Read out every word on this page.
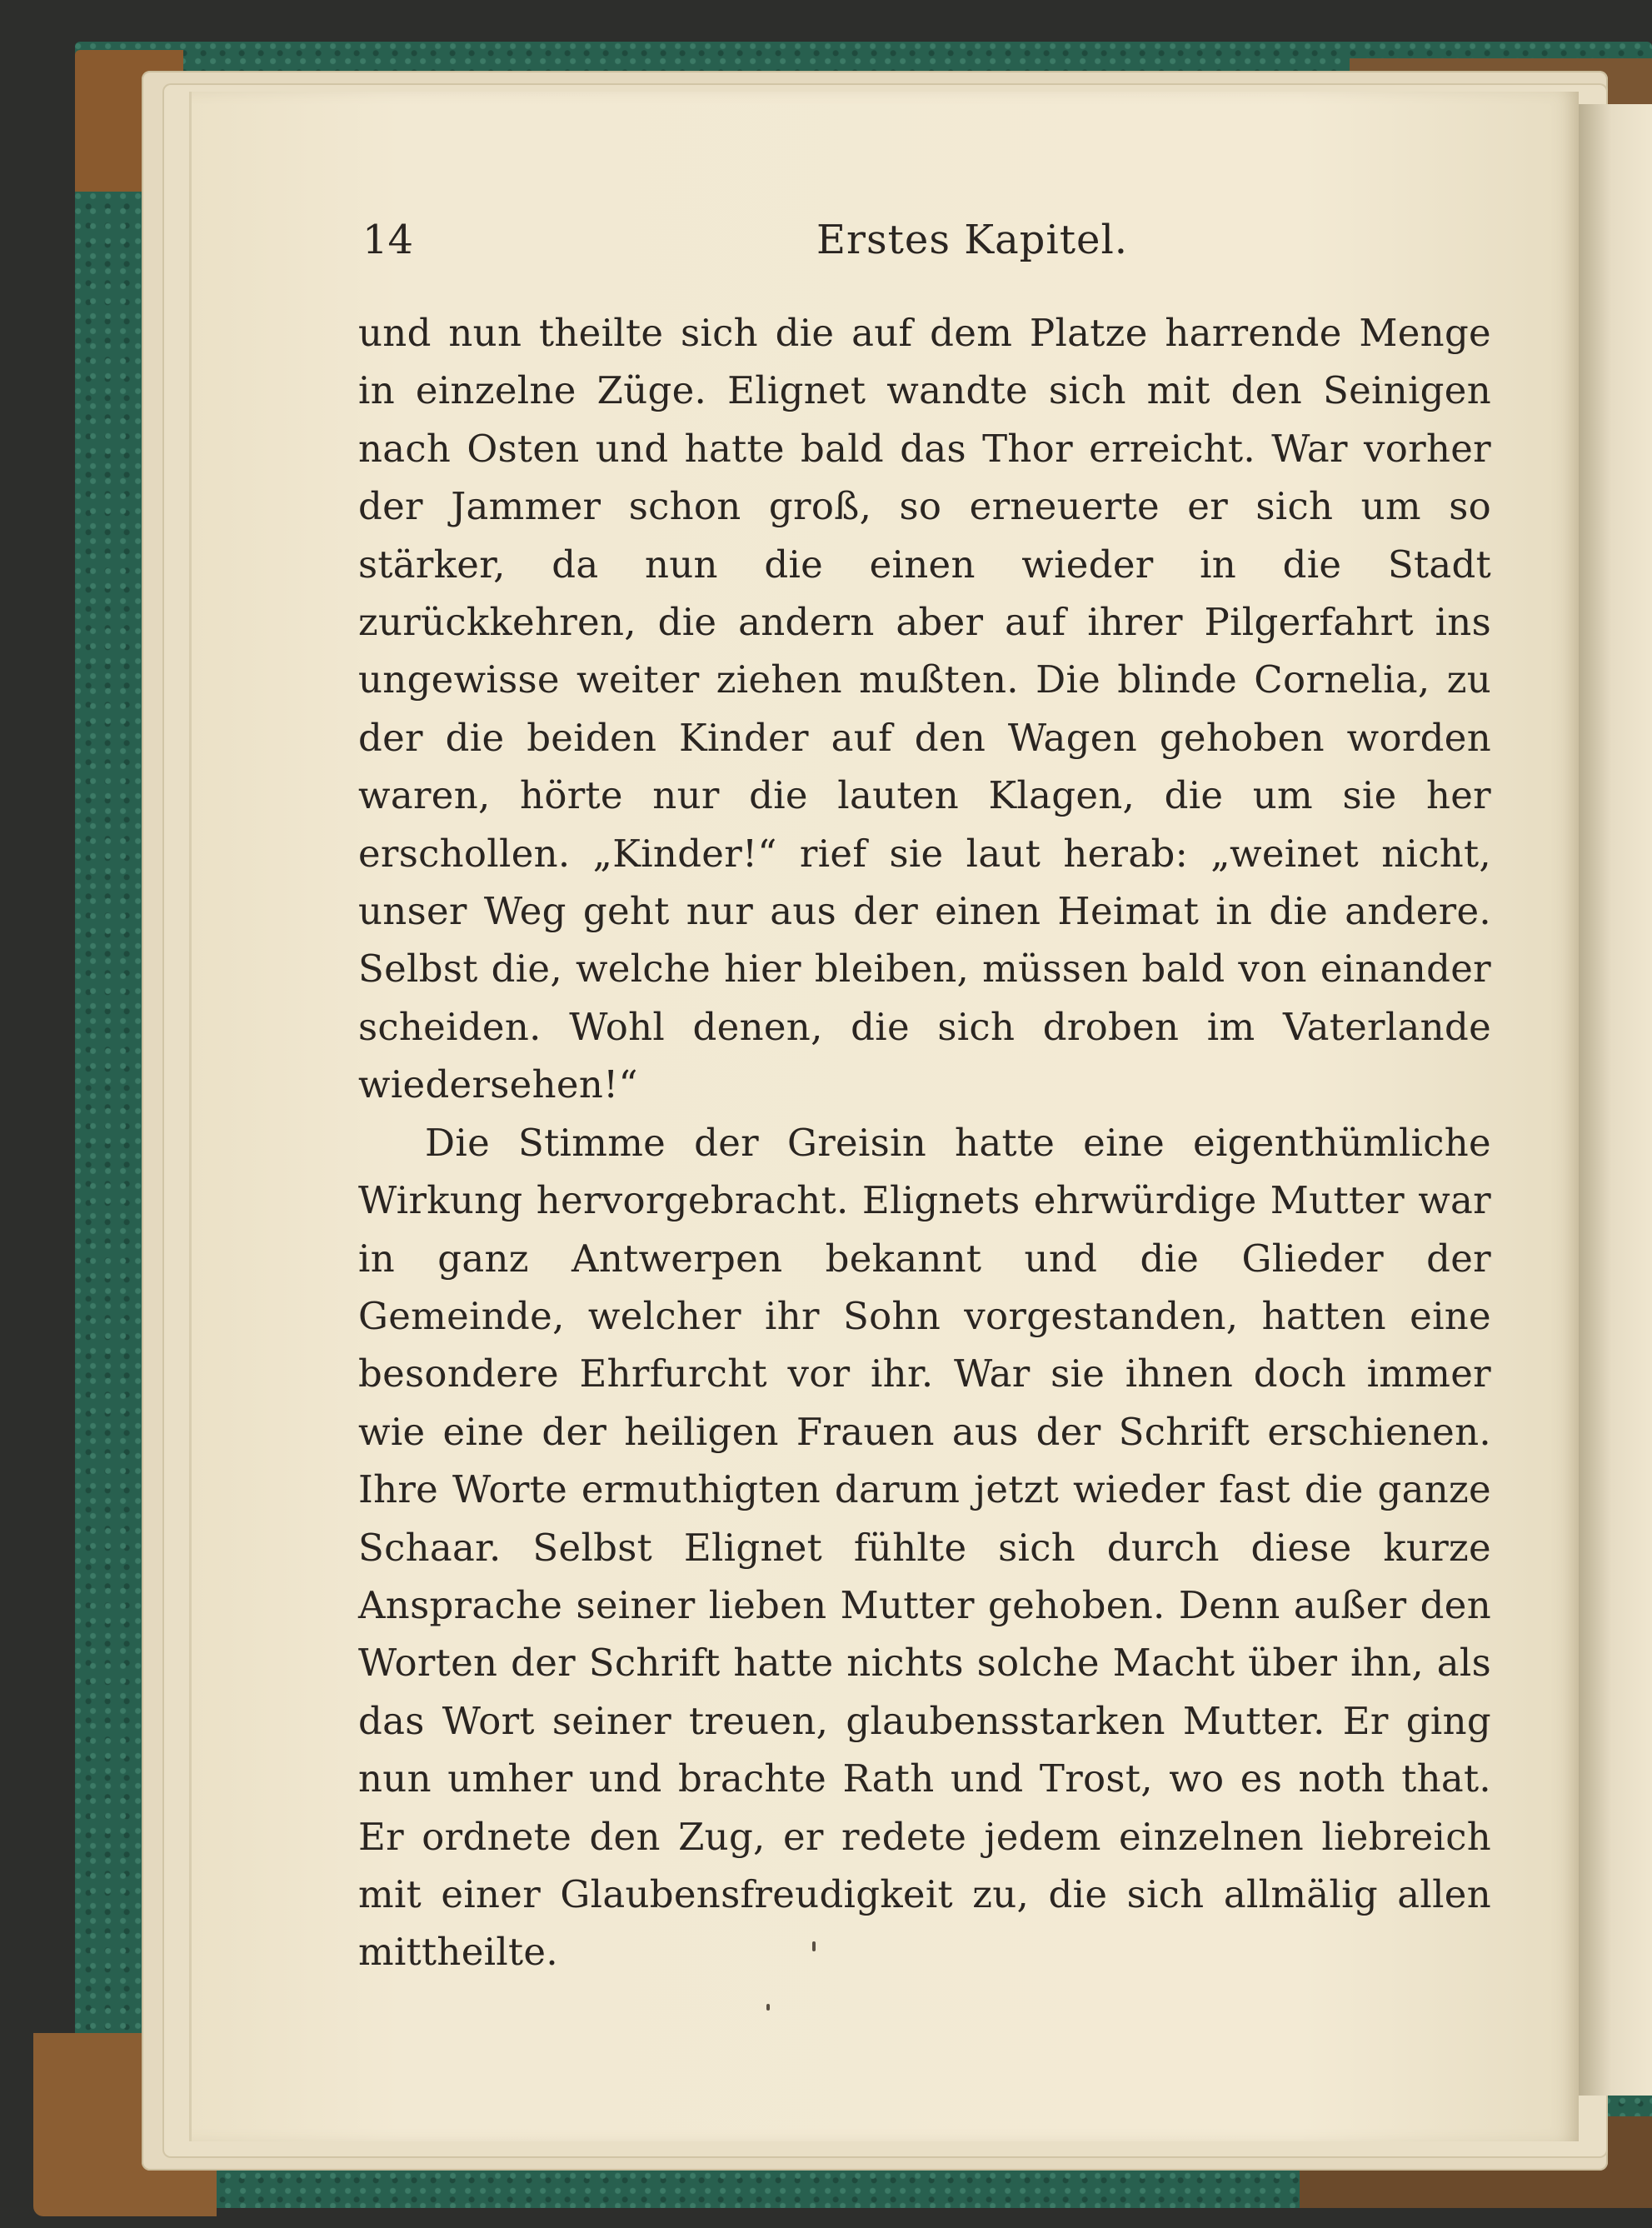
14	Erstes Kapitel.

und nun theilte sich die auf dem Platze harrende Menge in einzelne Züge. Elignet wandte sich mit den Seinigen nach Osten und hatte bald das Thor erreicht. War vorher der Jammer schon groß, so erneuerte er sich um so stärker, da nun die einen wieder in die Stadt zurückkehren, die andern aber auf ihrer Pilgerfahrt ins ungewisse weiter ziehen mußten. Die blinde Cornelia, zu der die beiden Kinder auf den Wagen gehoben worden waren, hörte nur die lauten Klagen, die um sie her erschollen. „Kinder!“ rief sie laut herab: „weinet nicht, unser Weg geht nur aus der einen Heimat in die andere. Selbst die, welche hier bleiben, müssen bald von einander scheiden. Wohl denen, die sich droben im Vaterlande wiedersehen!“

Die Stimme der Greisin hatte eine eigenthümliche Wirkung hervorgebracht. Elignets ehrwürdige Mutter war in ganz Antwerpen bekannt und die Glieder der Gemeinde, welcher ihr Sohn vorgestanden, hatten eine besondere Ehrfurcht vor ihr. War sie ihnen doch immer wie eine der heiligen Frauen aus der Schrift erschienen. Ihre Worte ermuthigten darum jetzt wieder fast die ganze Schaar. Selbst Elignet fühlte sich durch diese kurze Ansprache seiner lieben Mutter gehoben. Denn außer den Worten der Schrift hatte nichts solche Macht über ihn, als das Wort seiner treuen, glaubensstarken Mutter. Er ging nun umher und brachte Rath und Trost, wo es noth that. Er ordnete den Zug, er redete jedem einzelnen liebreich mit einer Glaubensfreudigkeit zu, die sich allmälig allen mittheilte.
